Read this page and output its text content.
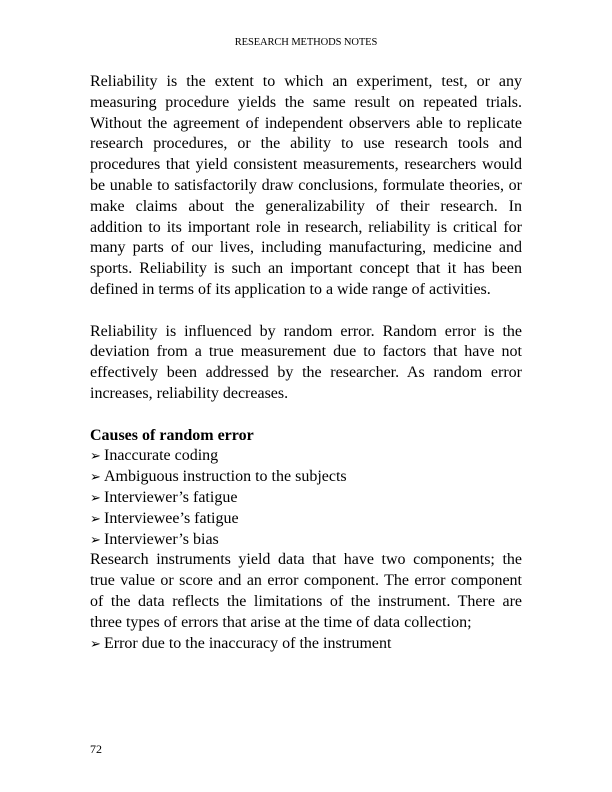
RESEARCH METHODS NOTES

Reliability is the extent to which an experiment, test, or any measuring procedure yields the same result on repeated trials. Without the agreement of independent observers able to replicate research procedures, or the ability to use research tools and procedures that yield consistent measurements, researchers would be unable to satisfactorily draw conclusions, formulate theories, or make claims about the generalizability of their research. In addition to its important role in research, reliability is critical for many parts of our lives, including manufacturing, medicine and sports. Reliability is such an important concept that it has been defined in terms of its application to a wide range of activities.

Reliability is influenced by random error. Random error is the deviation from a true measurement due to factors that have not effectively been addressed by the researcher. As random error increases, reliability decreases.

Causes of random error

➢ Inaccurate coding
➢ Ambiguous instruction to the subjects
➢ Interviewer’s fatigue
➢ Interviewee’s fatigue
➢ Interviewer’s bias

Research instruments yield data that have two components; the true value or score and an error component. The error component of the data reflects the limitations of the instrument. There are three types of errors that arise at the time of data collection;

➢ Error due to the inaccuracy of the instrument
72
